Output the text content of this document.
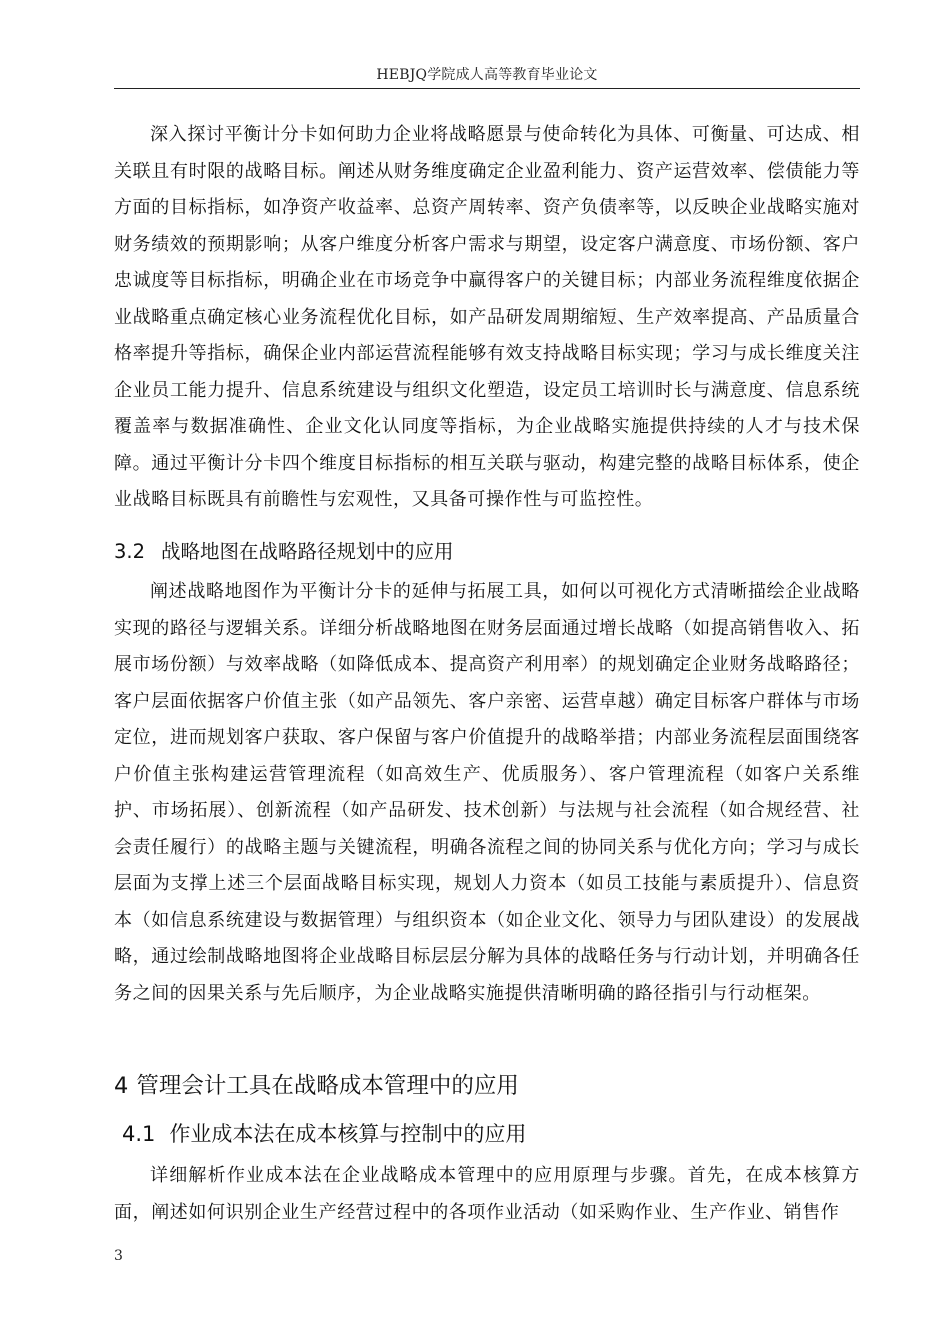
HEBJQ学院成人高等教育毕业论文

深入探讨平衡计分卡如何助力企业将战略愿景与使命转化为具体、可衡量、可达成、相关联且有时限的战略目标。阐述从财务维度确定企业盈利能力、资产运营效率、偿债能力等方面的目标指标，如净资产收益率、总资产周转率、资产负债率等，以反映企业战略实施对财务绩效的预期影响；从客户维度分析客户需求与期望，设定客户满意度、市场份额、客户忠诚度等目标指标，明确企业在市场竞争中赢得客户的关键目标；内部业务流程维度依据企业战略重点确定核心业务流程优化目标，如产品研发周期缩短、生产效率提高、产品质量合格率提升等指标，确保企业内部运营流程能够有效支持战略目标实现；学习与成长维度关注企业员工能力提升、信息系统建设与组织文化塑造，设定员工培训时长与满意度、信息系统覆盖率与数据准确性、企业文化认同度等指标，为企业战略实施提供持续的人才与技术保障。通过平衡计分卡四个维度目标指标的相互关联与驱动，构建完整的战略目标体系，使企业战略目标既具有前瞻性与宏观性，又具备可操作性与可监控性。

3.2 战略地图在战略路径规划中的应用

阐述战略地图作为平衡计分卡的延伸与拓展工具，如何以可视化方式清晰描绘企业战略实现的路径与逻辑关系。详细分析战略地图在财务层面通过增长战略（如提高销售收入、拓展市场份额）与效率战略（如降低成本、提高资产利用率）的规划确定企业财务战略路径；客户层面依据客户价值主张（如产品领先、客户亲密、运营卓越）确定目标客户群体与市场定位，进而规划客户获取、客户保留与客户价值提升的战略举措；内部业务流程层面围绕客户价值主张构建运营管理流程（如高效生产、优质服务）、客户管理流程（如客户关系维护、市场拓展）、创新流程（如产品研发、技术创新）与法规与社会流程（如合规经营、社会责任履行）的战略主题与关键流程，明确各流程之间的协同关系与优化方向；学习与成长层面为支撑上述三个层面战略目标实现，规划人力资本（如员工技能与素质提升）、信息资本（如信息系统建设与数据管理）与组织资本（如企业文化、领导力与团队建设）的发展战略，通过绘制战略地图将企业战略目标层层分解为具体的战略任务与行动计划，并明确各任务之间的因果关系与先后顺序，为企业战略实施提供清晰明确的路径指引与行动框架。

4 管理会计工具在战略成本管理中的应用
4.1 作业成本法在成本核算与控制中的应用

详细解析作业成本法在企业战略成本管理中的应用原理与步骤。首先，在成本核算方面，阐述如何识别企业生产经营过程中的各项作业活动（如采购作业、生产作业、销售作

3
